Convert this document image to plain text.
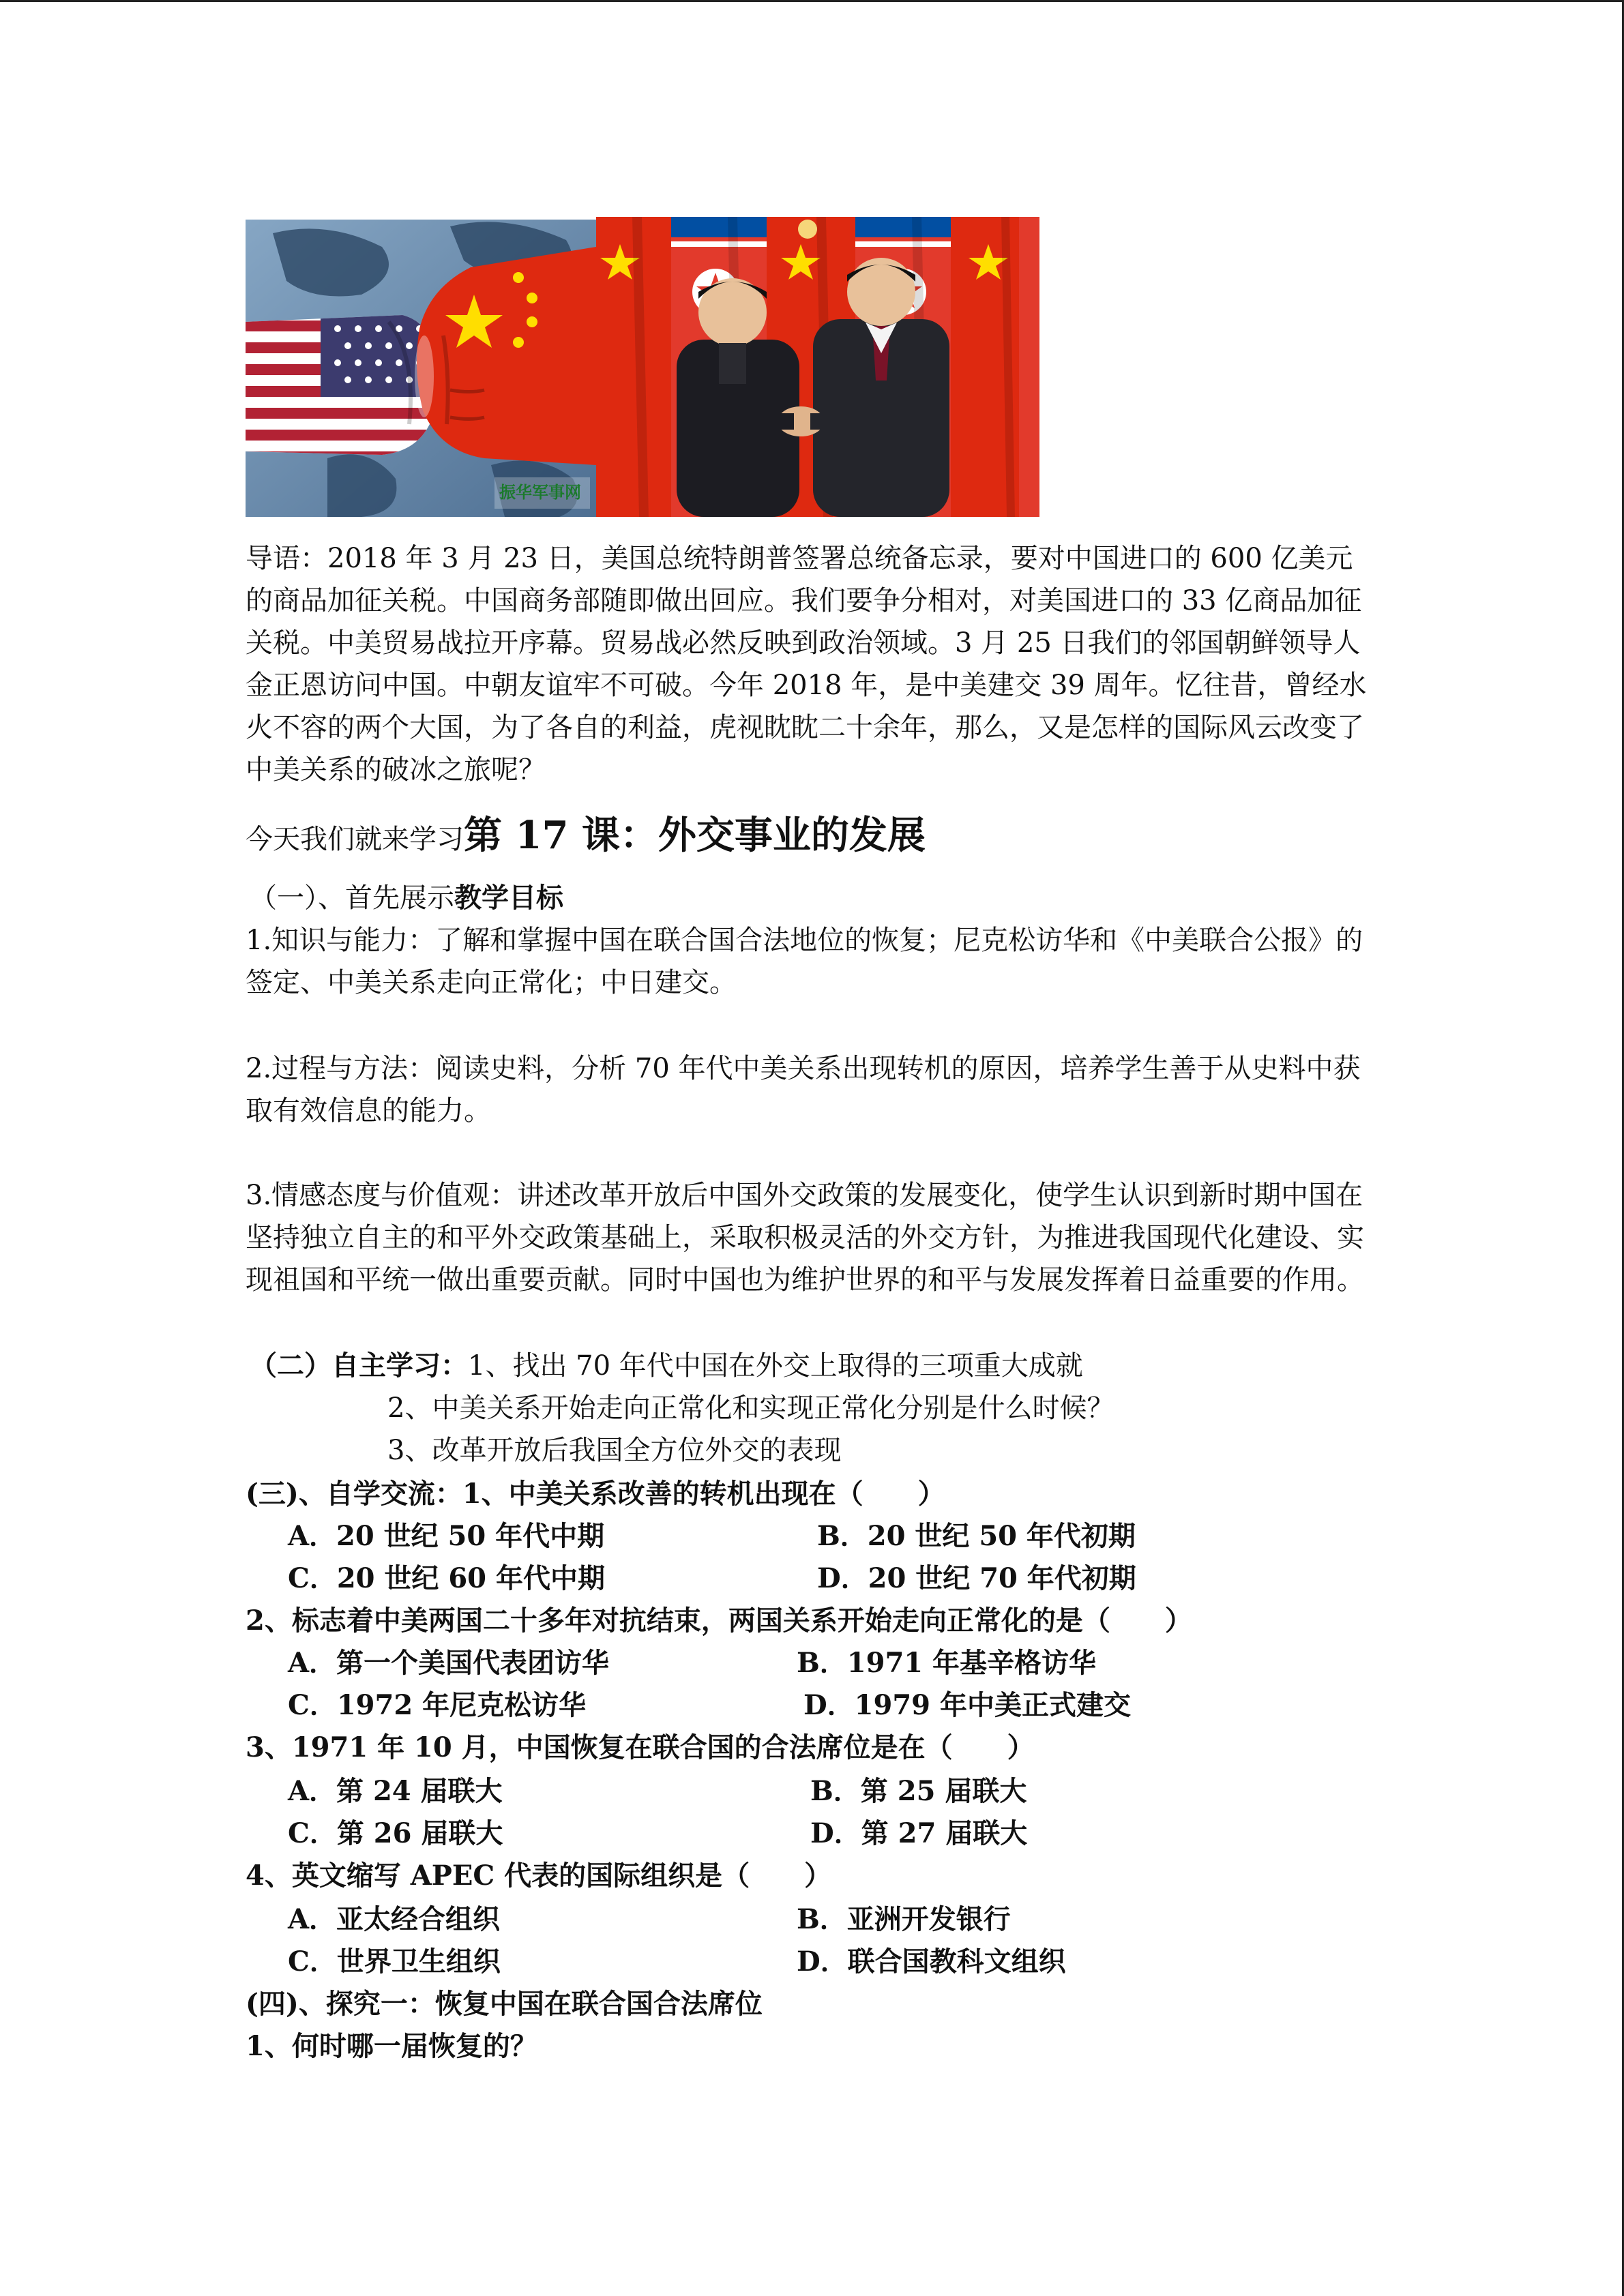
振华军事网
导语：2018 年 3 月 23 日，美国总统特朗普签署总统备忘录，要对中国进口的 600 亿美元的商品加征关税。中国商务部随即做出回应。我们要争分相对，对美国进口的 33 亿商品加征关税。中美贸易战拉开序幕。贸易战必然反映到政治领域。3 月 25 日我们的邻国朝鲜领导人金正恩访问中国。中朝友谊牢不可破。今年 2018 年，是中美建交 39 周年。忆往昔，曾经水火不容的两个大国，为了各自的利益，虎视眈眈二十余年，那么，又是怎样的国际风云改变了中美关系的破冰之旅呢？
今天我们就来学习第 17 课：外交事业的发展
（一）、首先展示教学目标
1.知识与能力：了解和掌握中国在联合国合法地位的恢复；尼克松访华和《中美联合公报》的签定、中美关系走向正常化；中日建交。
2.过程与方法：阅读史料，分析 70 年代中美关系出现转机的原因，培养学生善于从史料中获取有效信息的能力。
3.情感态度与价值观：讲述改革开放后中国外交政策的发展变化，使学生认识到新时期中国在坚持独立自主的和平外交政策基础上，采取积极灵活的外交方针，为推进我国现代化建设、实现祖国和平统一做出重要贡献。同时中国也为维护世界的和平与发展发挥着日益重要的作用。
（二）自主学习：1、找出 70 年代中国在外交上取得的三项重大成就
2、中美关系开始走向正常化和实现正常化分别是什么时候？
3、改革开放后我国全方位外交的表现
(三)、自学交流：1、中美关系改善的转机出现在（　　）
A．20 世纪 50 年代中期	B．20 世纪 50 年代初期
C．20 世纪 60 年代中期	D．20 世纪 70 年代初期
2、标志着中美两国二十多年对抗结束，两国关系开始走向正常化的是（　　）
A．第一个美国代表团访华	B．1971 年基辛格访华
C．1972 年尼克松访华	D．1979 年中美正式建交
3、1971 年 10 月，中国恢复在联合国的合法席位是在（　　）
A．第 24 届联大	B．第 25 届联大
C．第 26 届联大	D．第 27 届联大
4、英文缩写 APEC 代表的国际组织是（　　）
A．亚太经合组织	B．亚洲开发银行
C．世界卫生组织	D．联合国教科文组织
(四)、探究一：恢复中国在联合国合法席位
1、何时哪一届恢复的？
